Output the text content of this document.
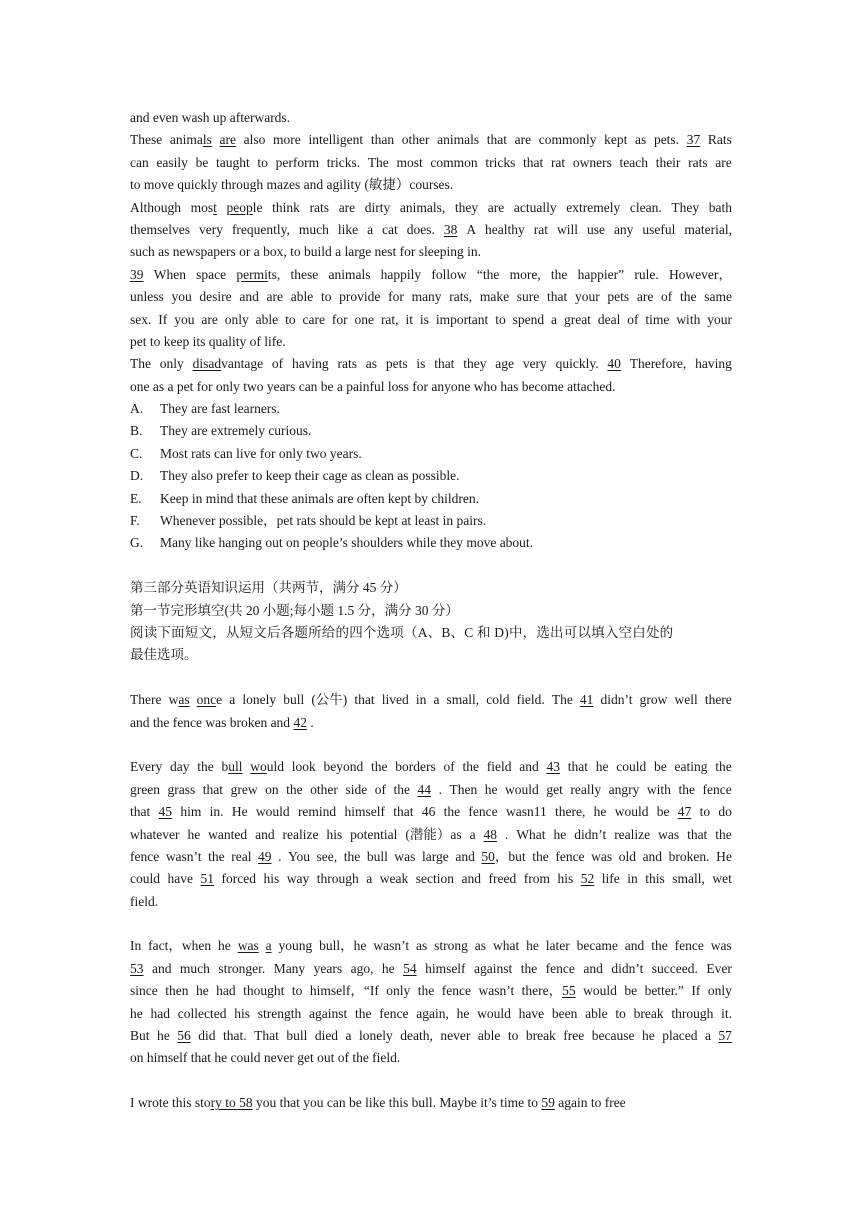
and even wash up afterwards.
These animals are also more intelligent than other animals that are commonly kept as pets. 37 Rats
can easily be taught to perform tricks. The most common tricks that rat owners teach their rats are
to move quickly through mazes and agility (敏捷）courses.
Although most people think rats are dirty animals, they are actually extremely clean. They bath
themselves very frequently, much like a cat does. 38 A healthy rat will use any useful material,
such as newspapers or a box, to build a large nest for sleeping in.
39 When space permits, these animals happily follow “the more, the happier” rule. However，
unless you desire and are able to provide for many rats, make sure that your pets are of the same
sex. If you are only able to care for one rat, it is important to spend a great deal of time with your
pet to keep its quality of life.
The only disadvantage of having rats as pets is that they age very quickly. 40 Therefore, having
one as a pet for only two years can be a painful loss for anyone who has become attached.
A.	They are fast learners.
B.	They are extremely curious.
C.	Most rats can live for only two years.
D.	They also prefer to keep their cage as clean as possible.
E.	Keep in mind that these animals are often kept by children.
F.	Whenever possible，pet rats should be kept at least in pairs.
G.	Many like hanging out on people’s shoulders while they move about.
第三部分英语知识运用（共两节，满分 45 分）
第一节完形填空(共 20 小题;每小题 1.5 分，满分 30 分）
阅读下面短文，从短文后各题所给的四个选项（A、B、C 和 D)中，选出可以填入空白处的
最佳选项。
There was once a lonely bull (公牛) that lived in a small, cold field. The 41 didn’t grow well there
and the fence was broken and 42 .
Every day the bull would look beyond the borders of the field and 43 that he could be eating the
green grass that grew on the other side of the 44 . Then he would get really angry with the fence
that 45 him in. He would remind himself that 46 the fence wasn11 there, he would be 47 to do
whatever he wanted and realize his potential (潜能）as a 48 . What he didn’t realize was that the
fence wasn’t the real 49 . You see, the bull was large and 50，but the fence was old and broken. He
could have 51 forced his way through a weak section and freed from his 52 life in this small, wet
field.
In fact，when he was a young bull，he wasn’t as strong as what he later became and the fence was
53 and much stronger. Many years ago, he 54 himself against the fence and didn’t succeed. Ever
since then he had thought to himself，“If only the fence wasn’t there，55 would be better.” If only
he had collected his strength against the fence again, he would have been able to break through it.
But he 56 did that. That bull died a lonely death, never able to break free because he placed a 57
on himself that he could never get out of the field.
I wrote this story to 58 you that you can be like this bull. Maybe it’s time to 59 again to free
